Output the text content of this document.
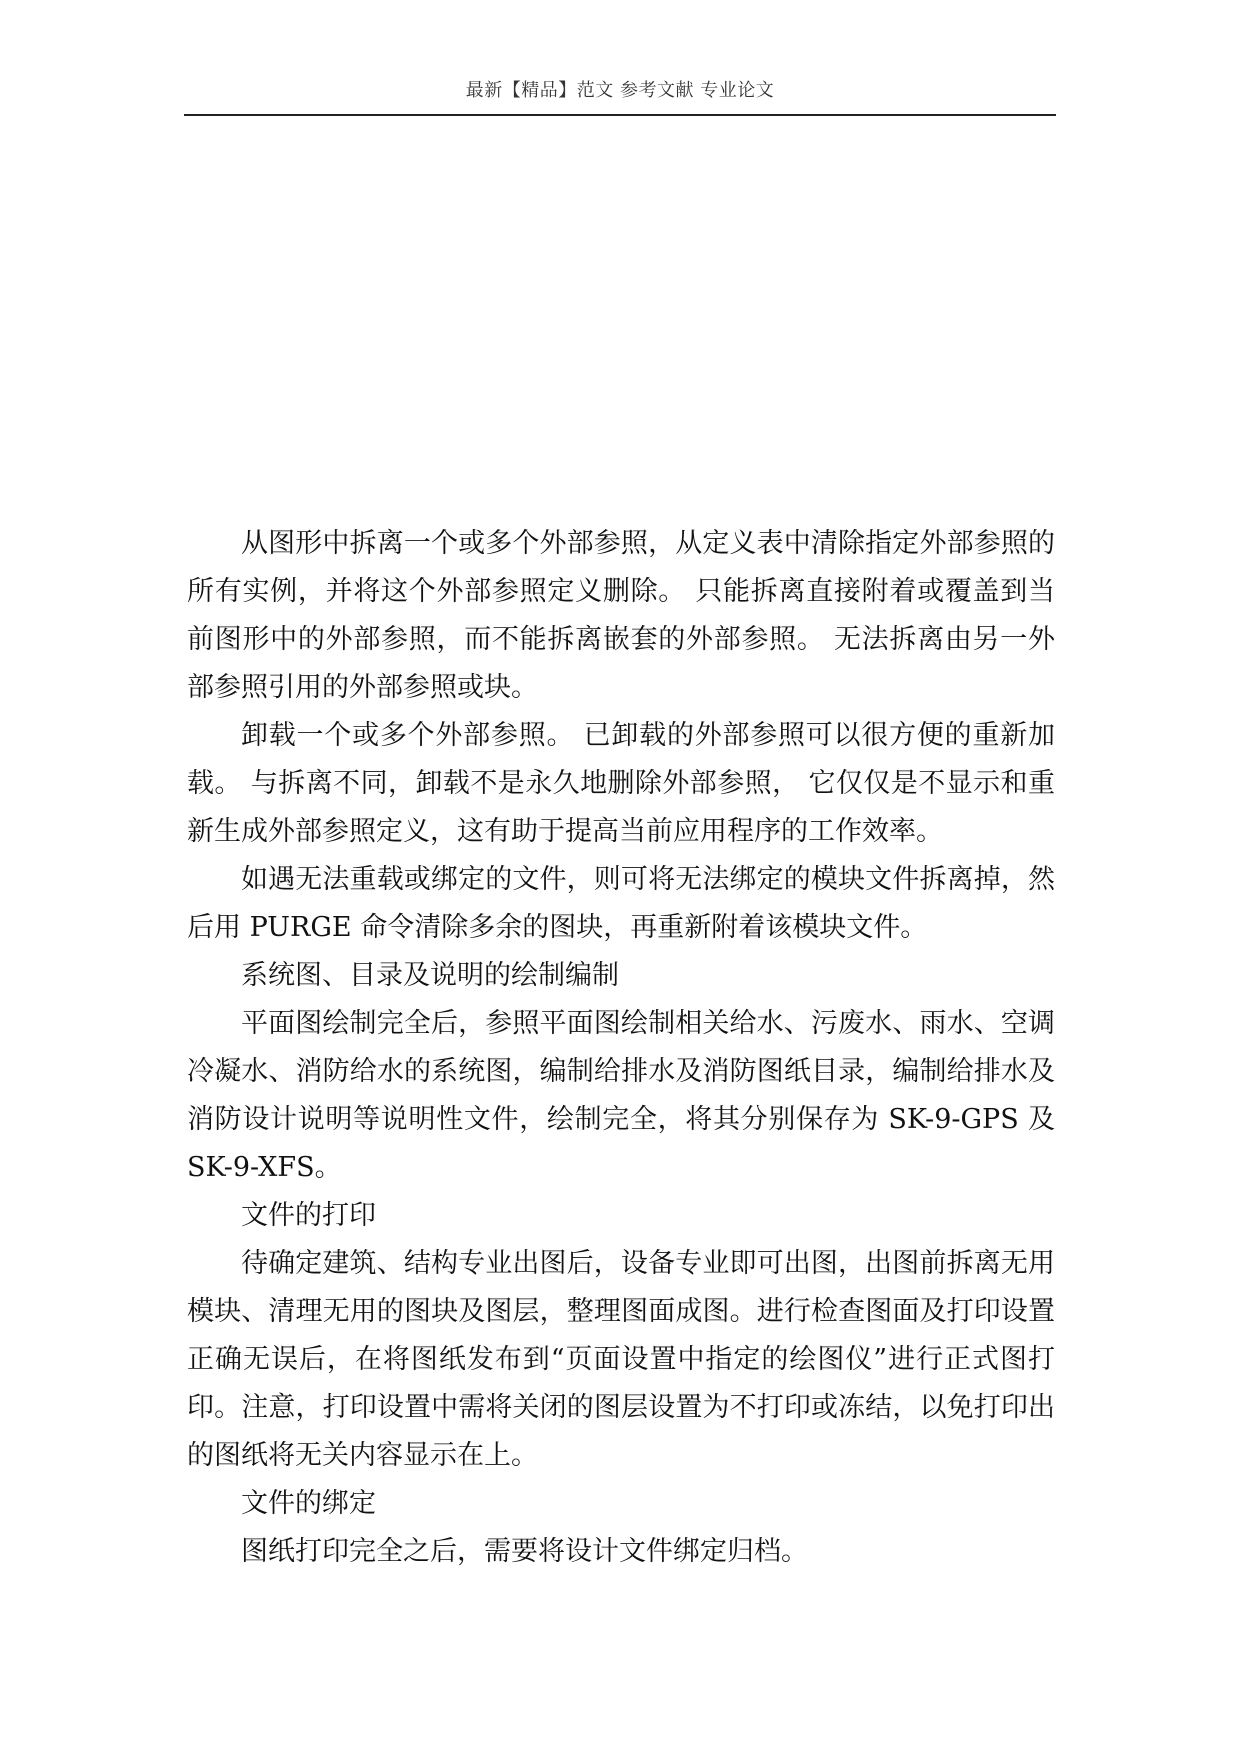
最新【精品】范文 参考文献 专业论文

从图形中拆离一个或多个外部参照，从定义表中清除指定外部参照的所有实例，并将这个外部参照定义删除。 只能拆离直接附着或覆盖到当前图形中的外部参照，而不能拆离嵌套的外部参照。 无法拆离由另一外部参照引用的外部参照或块。

卸载一个或多个外部参照。 已卸载的外部参照可以很方便的重新加载。 与拆离不同，卸载不是永久地删除外部参照， 它仅仅是不显示和重新生成外部参照定义，这有助于提高当前应用程序的工作效率。

如遇无法重载或绑定的文件，则可将无法绑定的模块文件拆离掉，然后用 PURGE 命令清除多余的图块，再重新附着该模块文件。

系统图、目录及说明的绘制编制

平面图绘制完全后，参照平面图绘制相关给水、污废水、雨水、空调冷凝水、消防给水的系统图，编制给排水及消防图纸目录，编制给排水及消防设计说明等说明性文件，绘制完全，将其分别保存为 SK-9-GPS 及 SK-9-XFS。

文件的打印

待确定建筑、结构专业出图后，设备专业即可出图，出图前拆离无用模块、清理无用的图块及图层，整理图面成图。进行检查图面及打印设置正确无误后，在将图纸发布到“页面设置中指定的绘图仪”进行正式图打印。注意，打印设置中需将关闭的图层设置为不打印或冻结，以免打印出的图纸将无关内容显示在上。

文件的绑定

图纸打印完全之后，需要将设计文件绑定归档。
